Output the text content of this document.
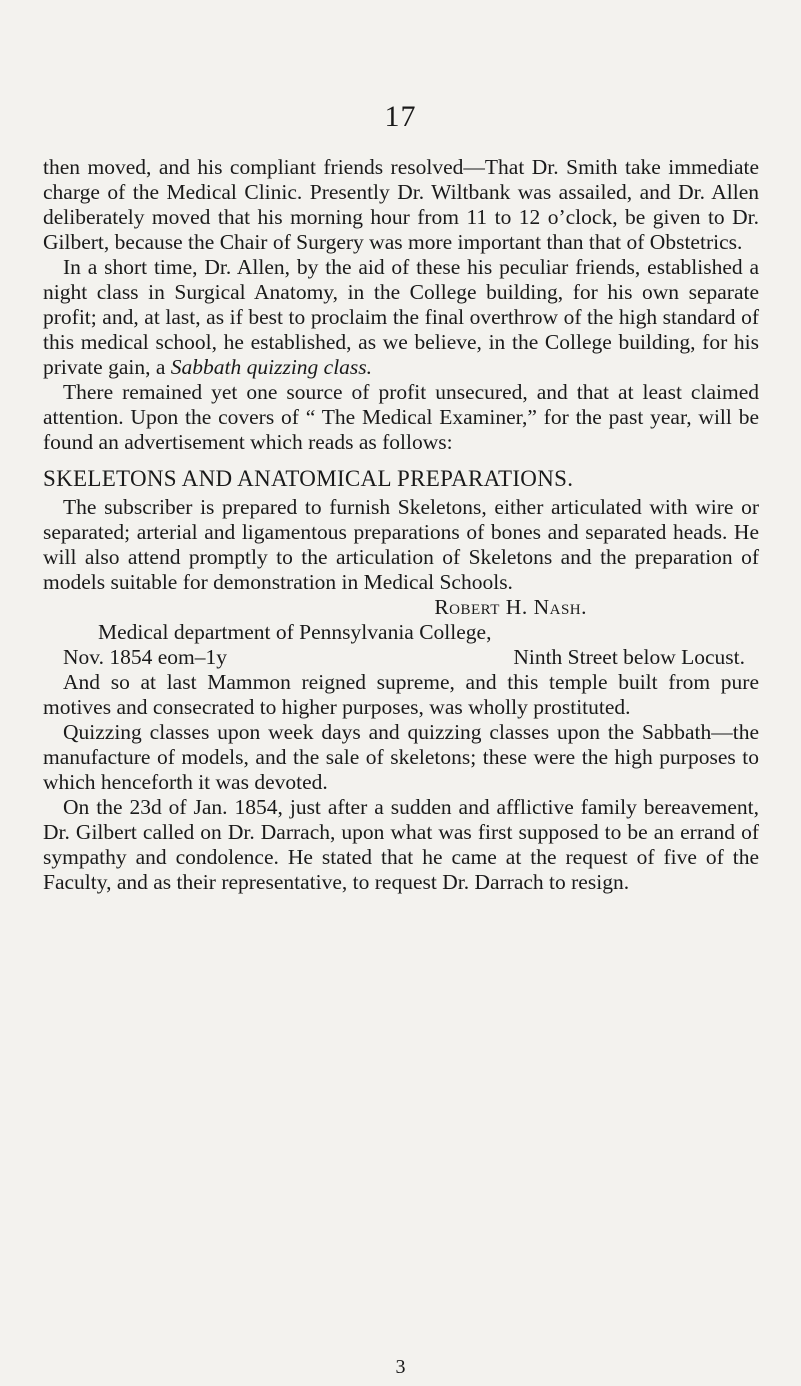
17

then moved, and his compliant friends resolved—That Dr. Smith take immediate charge of the Medical Clinic. Presently Dr. Wiltbank was assailed, and Dr. Allen deliberately moved that his morning hour from 11 to 12 o’clock, be given to Dr. Gilbert, because the Chair of Surgery was more important than that of Obstetrics.

In a short time, Dr. Allen, by the aid of these his peculiar friends, established a night class in Surgical Anatomy, in the College building, for his own separate profit; and, at last, as if best to proclaim the final overthrow of the high standard of this medical school, he established, as we believe, in the College building, for his private gain, a Sabbath quizzing class.

There remained yet one source of profit unsecured, and that at least claimed attention. Upon the covers of “ The Medical Examiner,” for the past year, will be found an advertisement which reads as follows:

SKELETONS AND ANATOMICAL PREPARATIONS.

The subscriber is prepared to furnish Skeletons, either articulated with wire or separated; arterial and ligamentous preparations of bones and separated heads. He will also attend promptly to the articulation of Skeletons and the preparation of models suitable for demonstration in Medical Schools.

Robert H. Nash.
Medical department of Pennsylvania College,
Nov. 1854 eom–1y	Ninth Street below Locust.

And so at last Mammon reigned supreme, and this temple built from pure motives and consecrated to higher purposes, was wholly prostituted.

Quizzing classes upon week days and quizzing classes upon the Sabbath—the manufacture of models, and the sale of skeletons; these were the high purposes to which henceforth it was devoted.

On the 23d of Jan. 1854, just after a sudden and afflictive family bereavement, Dr. Gilbert called on Dr. Darrach, upon what was first supposed to be an errand of sympathy and condolence. He stated that he came at the request of five of the Faculty, and as their representative, to request Dr. Darrach to resign.

3
